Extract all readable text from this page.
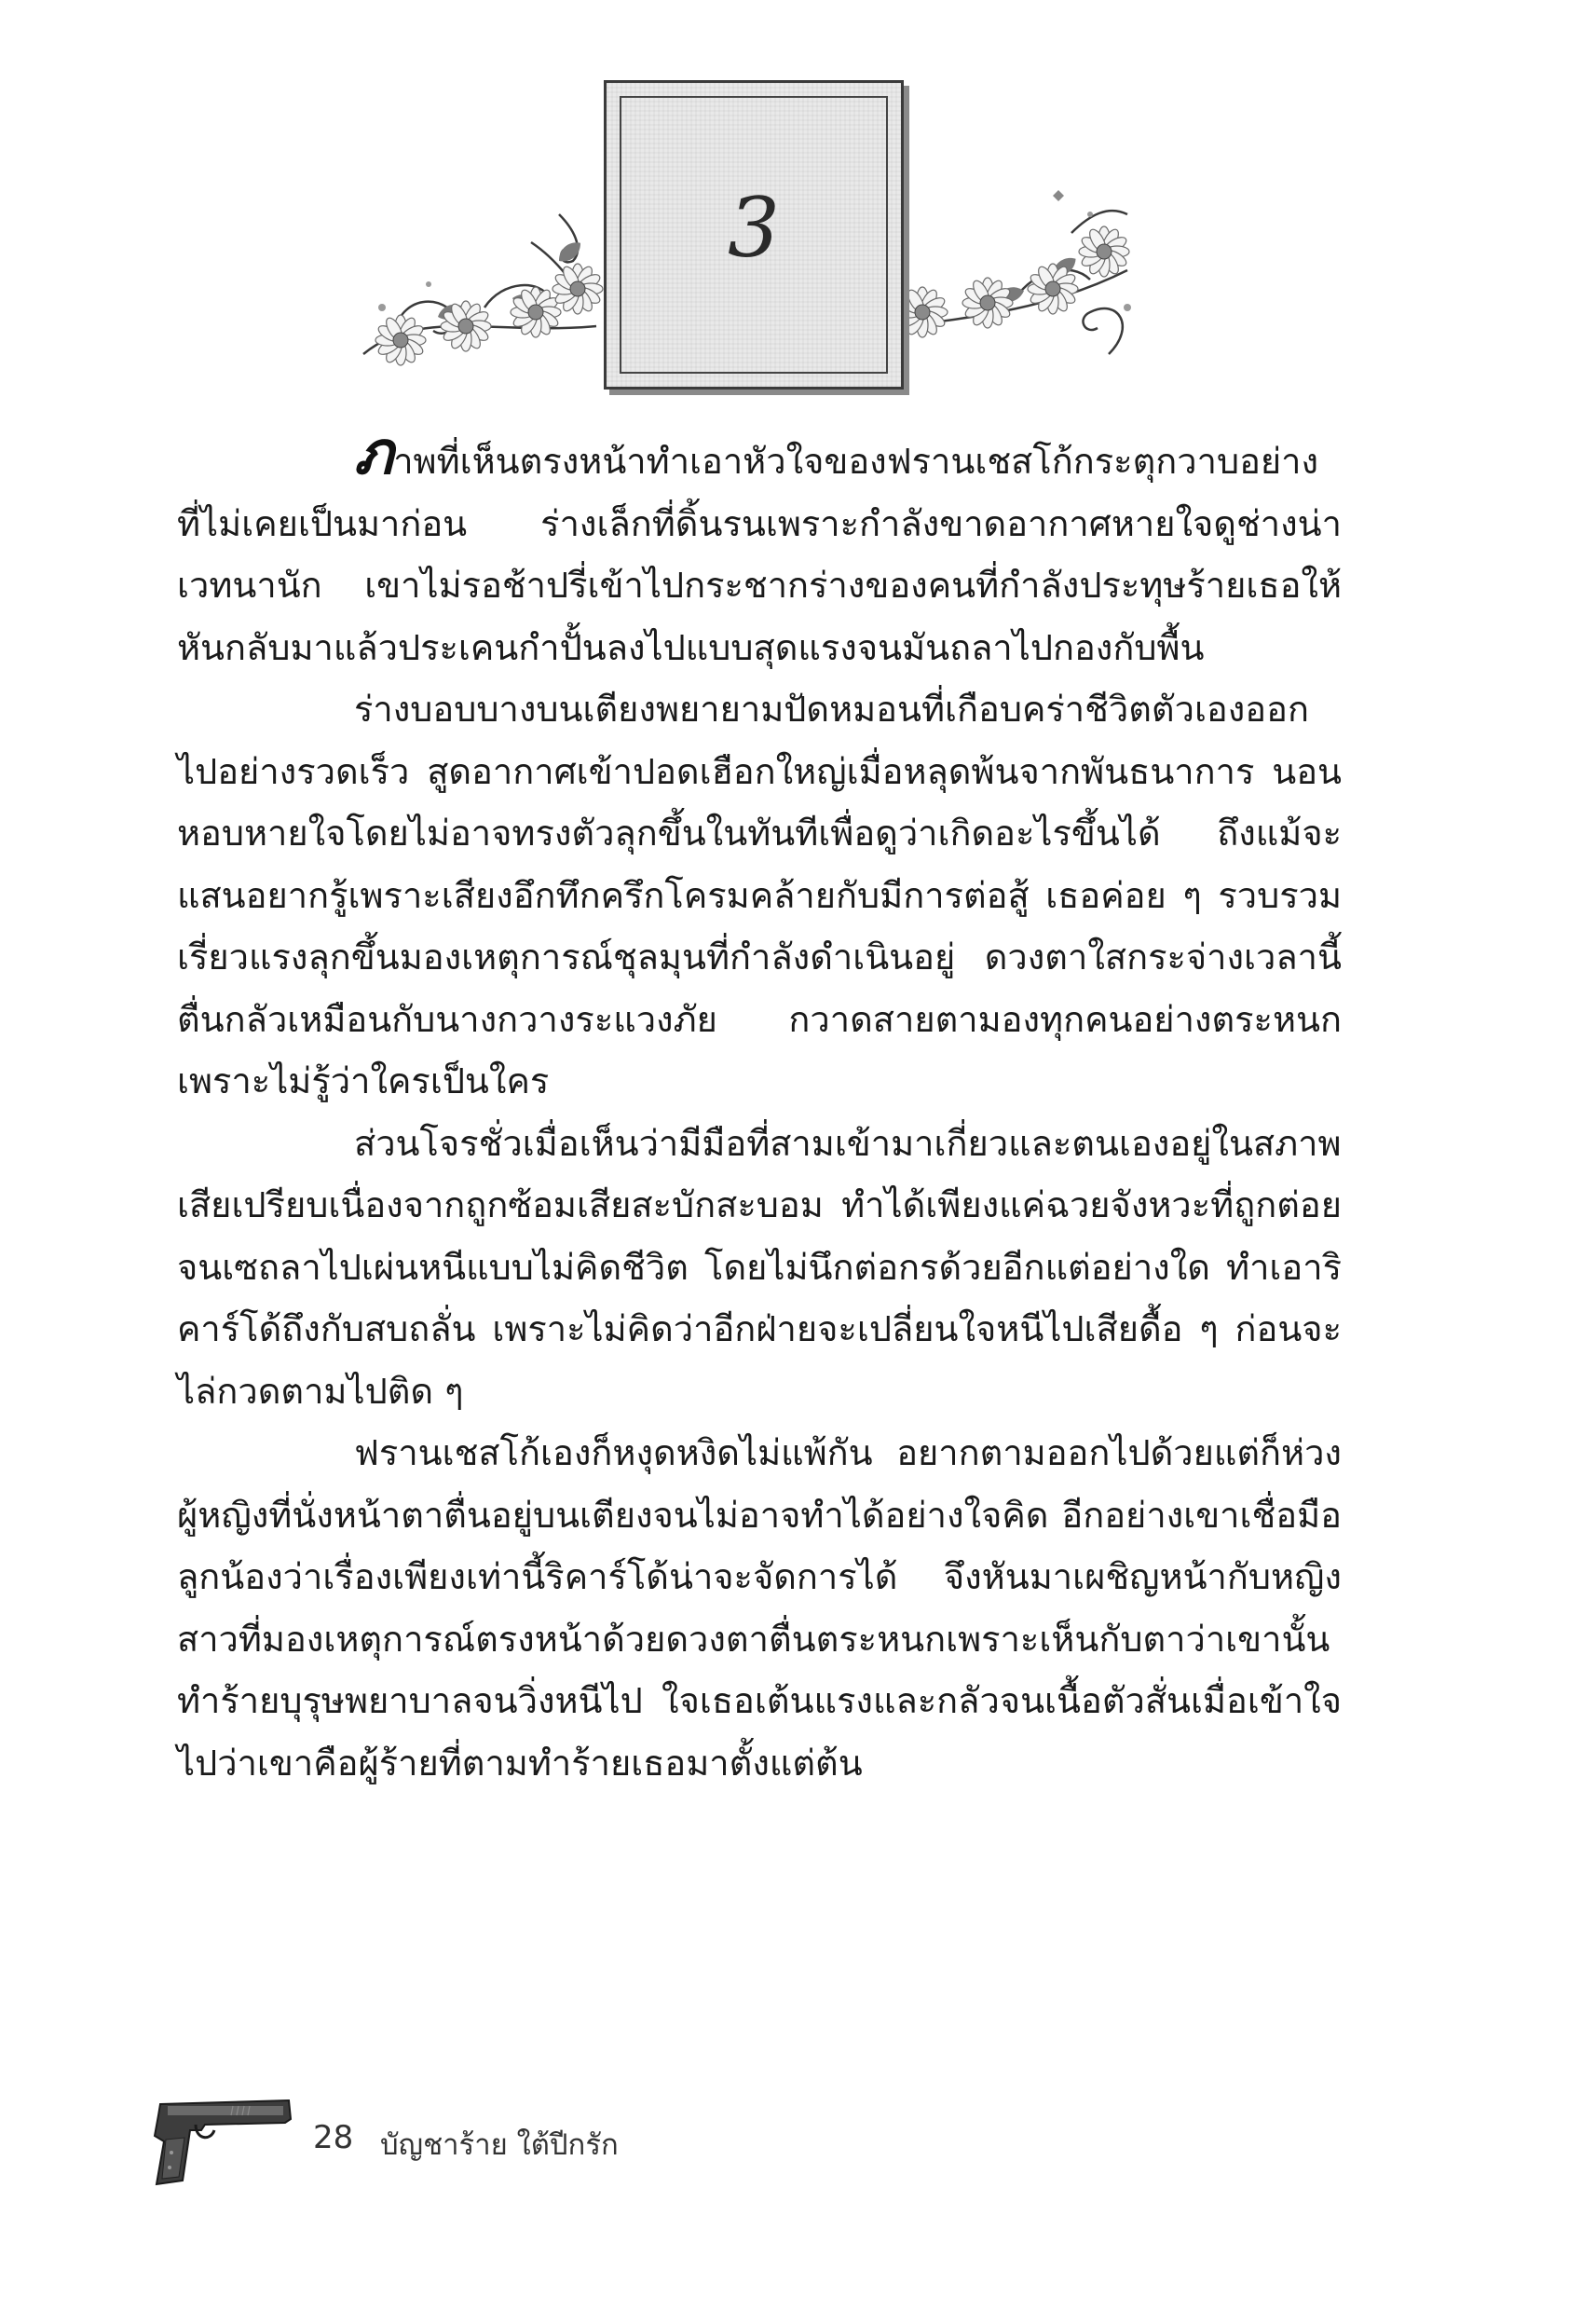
3

ภาพที่เห็นตรงหน้าทำเอาหัวใจของฟรานเชสโก้กระตุกวาบอย่างที่ไม่เคยเป็นมาก่อน ร่างเล็กที่ดิ้นรนเพราะกำลังขาดอากาศหายใจดูช่างน่าเวทนานัก เขาไม่รอช้าปรี่เข้าไปกระชากร่างของคนที่กำลังประทุษร้ายเธอให้หันกลับมาแล้วประเคนกำปั้นลงไปแบบสุดแรงจนมันถลาไปกองกับพื้น

ร่างบอบบางบนเตียงพยายามปัดหมอนที่เกือบคร่าชีวิตตัวเองออกไปอย่างรวดเร็ว สูดอากาศเข้าปอดเฮือกใหญ่เมื่อหลุดพ้นจากพันธนาการ นอนหอบหายใจโดยไม่อาจทรงตัวลุกขึ้นในทันทีเพื่อดูว่าเกิดอะไรขึ้นได้ ถึงแม้จะแสนอยากรู้เพราะเสียงอึกทึกครึกโครมคล้ายกับมีการต่อสู้ เธอค่อย ๆ รวบรวมเรี่ยวแรงลุกขึ้นมองเหตุการณ์ชุลมุนที่กำลังดำเนินอยู่ ดวงตาใสกระจ่างเวลานี้ตื่นกลัวเหมือนกับนางกวางระแวงภัย กวาดสายตามองทุกคนอย่างตระหนกเพราะไม่รู้ว่าใครเป็นใคร

ส่วนโจรชั่วเมื่อเห็นว่ามีมือที่สามเข้ามาเกี่ยวและตนเองอยู่ในสภาพเสียเปรียบเนื่องจากถูกซ้อมเสียสะบักสะบอม ทำได้เพียงแค่ฉวยจังหวะที่ถูกต่อยจนเซถลาไปเผ่นหนีแบบไม่คิดชีวิต โดยไม่นึกต่อกรด้วยอีกแต่อย่างใด ทำเอาริคาร์โด้ถึงกับสบถลั่น เพราะไม่คิดว่าอีกฝ่ายจะเปลี่ยนใจหนีไปเสียดื้อ ๆ ก่อนจะไล่กวดตามไปติด ๆ

ฟรานเชสโก้เองก็หงุดหงิดไม่แพ้กัน อยากตามออกไปด้วยแต่ก็ห่วงผู้หญิงที่นั่งหน้าตาตื่นอยู่บนเตียงจนไม่อาจทำได้อย่างใจคิด อีกอย่างเขาเชื่อมือลูกน้องว่าเรื่องเพียงเท่านี้ริคาร์โด้น่าจะจัดการได้ จึงหันมาเผชิญหน้ากับหญิงสาวที่มองเหตุการณ์ตรงหน้าด้วยดวงตาตื่นตระหนกเพราะเห็นกับตาว่าเขานั้นทำร้ายบุรุษพยาบาลจนวิ่งหนีไป ใจเธอเต้นแรงและกลัวจนเนื้อตัวสั่นเมื่อเข้าใจไปว่าเขาคือผู้ร้ายที่ตามทำร้ายเธอมาตั้งแต่ต้น

28 บัญชาร้าย ใต้ปีกรัก
